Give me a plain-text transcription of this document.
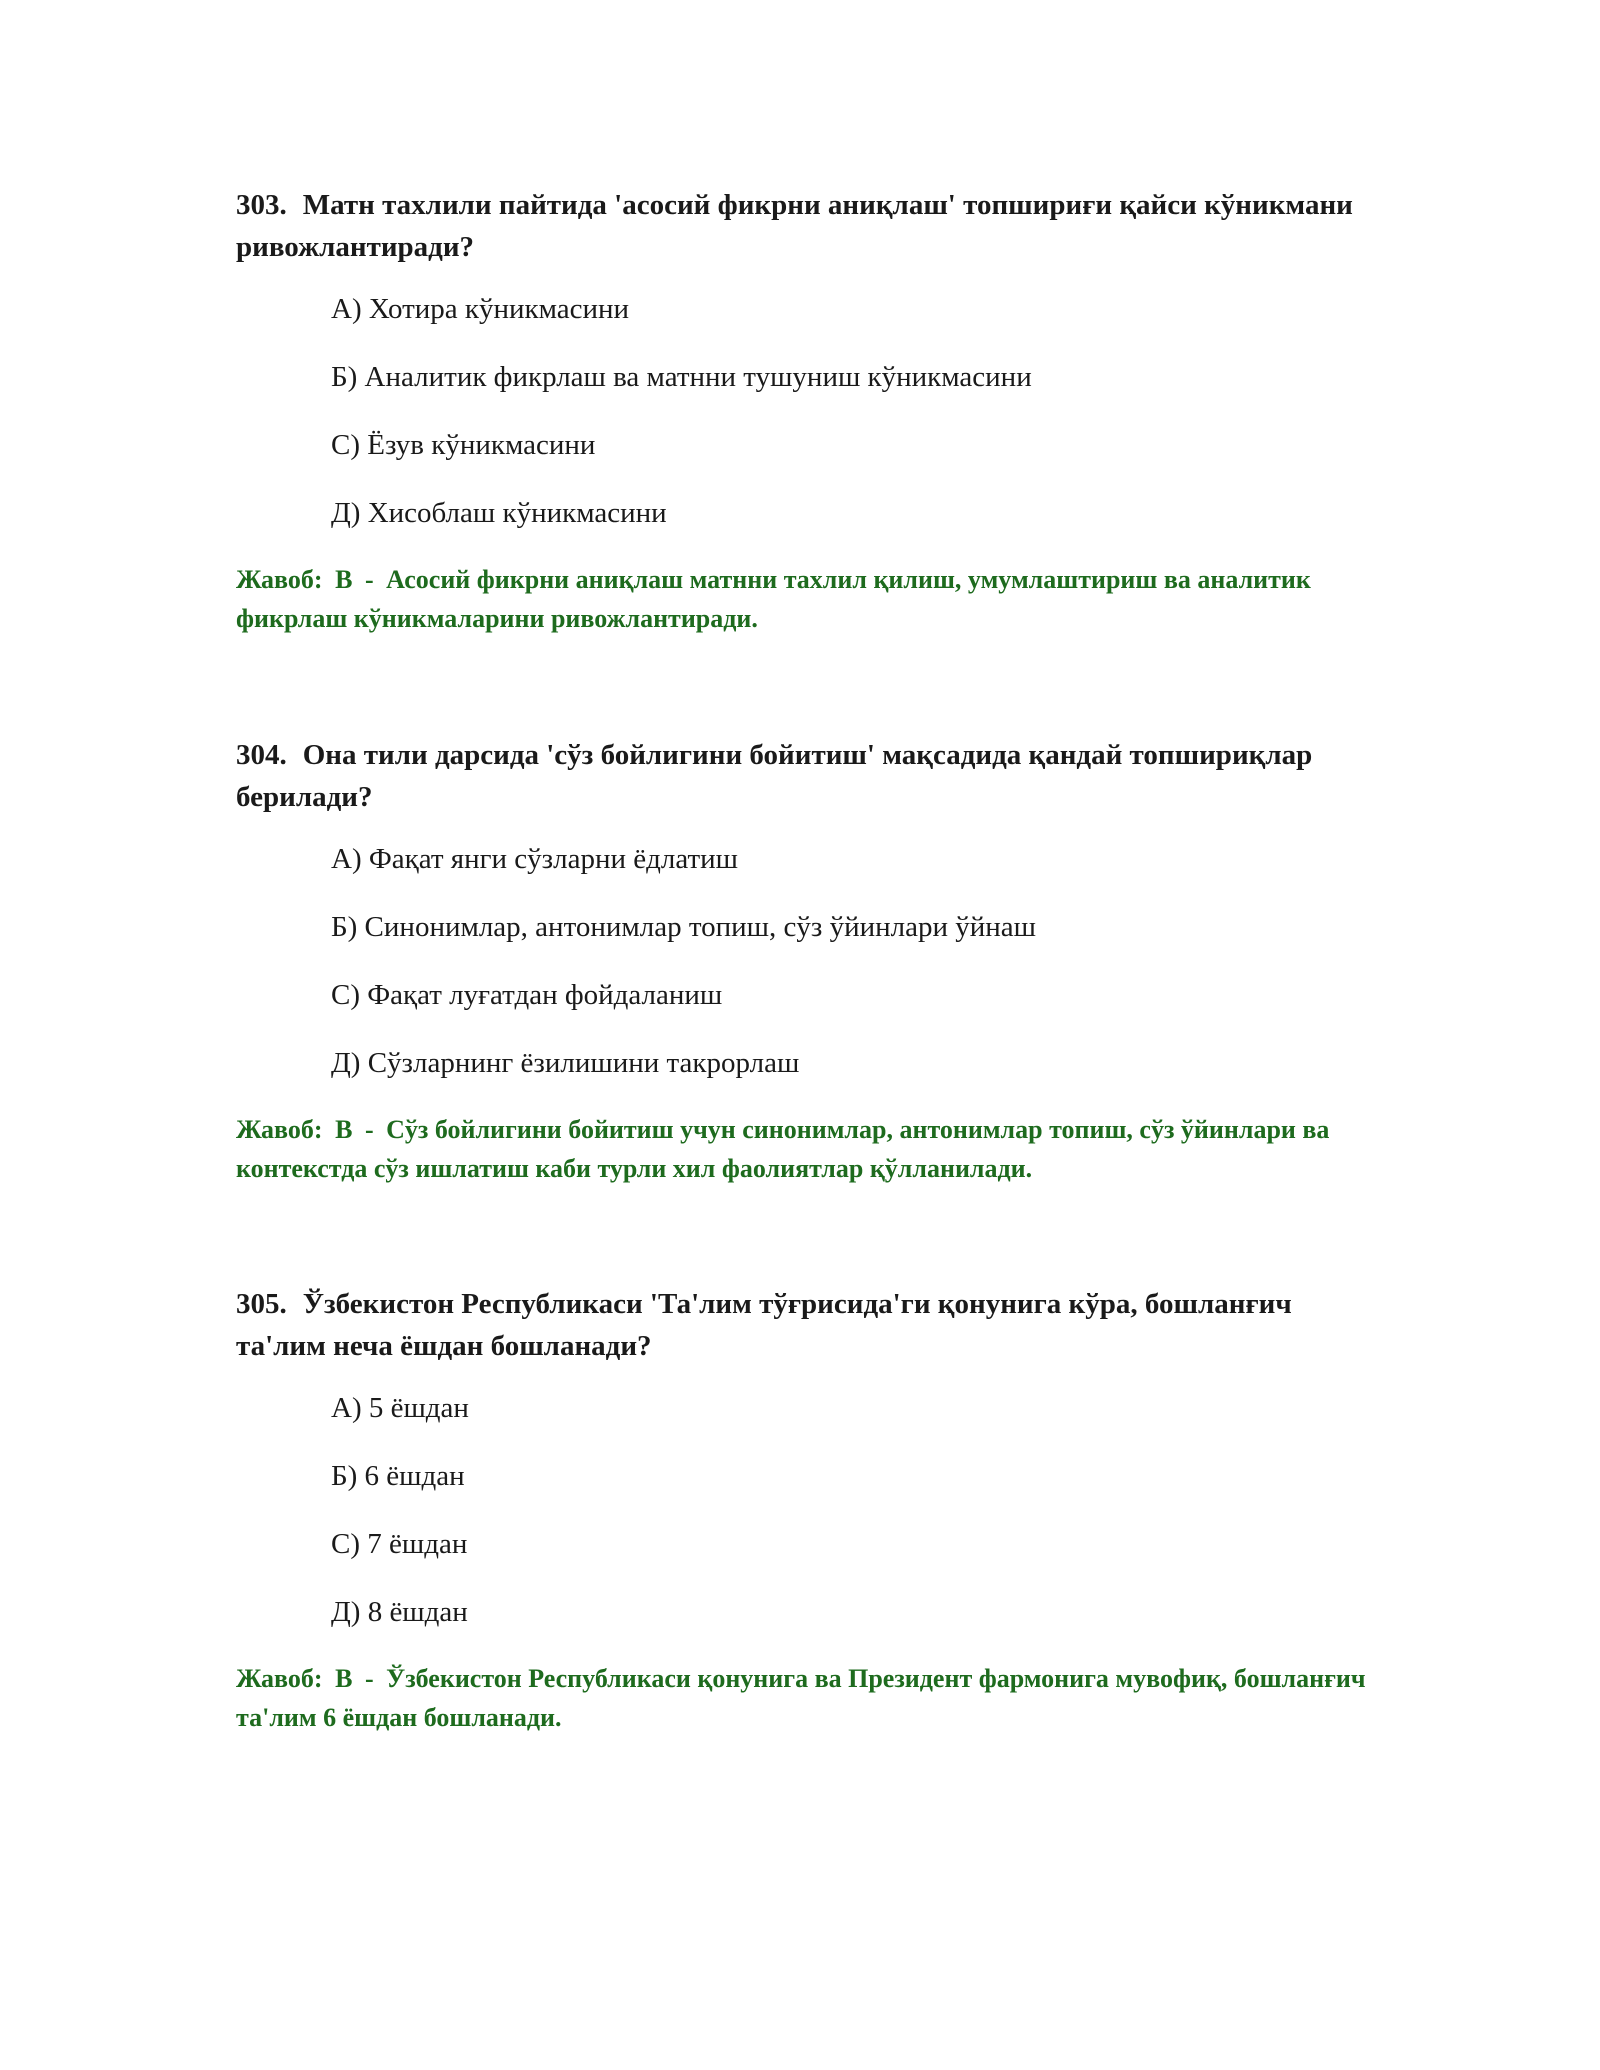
303. Матн тахлили пайтида 'асосий фикрни аниқлаш' топшириғи қайси кўникмани ривожлантиради?

А) Хотира кўникмасини
Б) Аналитик фикрлаш ва матнни тушуниш кўникмасини
С) Ёзув кўникмасини
Д) Хисоблаш кўникмасини
Жавоб: В - Асосий фикрни аниқлаш матнни тахлил қилиш, умумлаштириш ва аналитик фикрлаш кўникмаларини ривожлантиради.

304. Она тили дарсида 'сўз бойлигини бойитиш' мақсадида қандай топшириқлар берилади?

А) Фақат янги сўзларни ёдлатиш
Б) Синонимлар, антонимлар топиш, сўз ўйинлари ўйнаш
С) Фақат луғатдан фойдаланиш
Д) Сўзларнинг ёзилишини такрорлаш
Жавоб: В - Сўз бойлигини бойитиш учун синонимлар, антонимлар топиш, сўз ўйинлари ва контекстда сўз ишлатиш каби турли хил фаолиятлар қўлланилади.

305. Ўзбекистон Республикаси 'Та'лим тўғрисида'ги қонунига кўра, бошланғич та'лим неча ёшдан бошланади?

А) 5 ёшдан
Б) 6 ёшдан
С) 7 ёшдан
Д) 8 ёшдан
Жавоб: В - Ўзбекистон Республикаси қонунига ва Президент фармонига мувофиқ, бошланғич та'лим 6 ёшдан бошланади.
